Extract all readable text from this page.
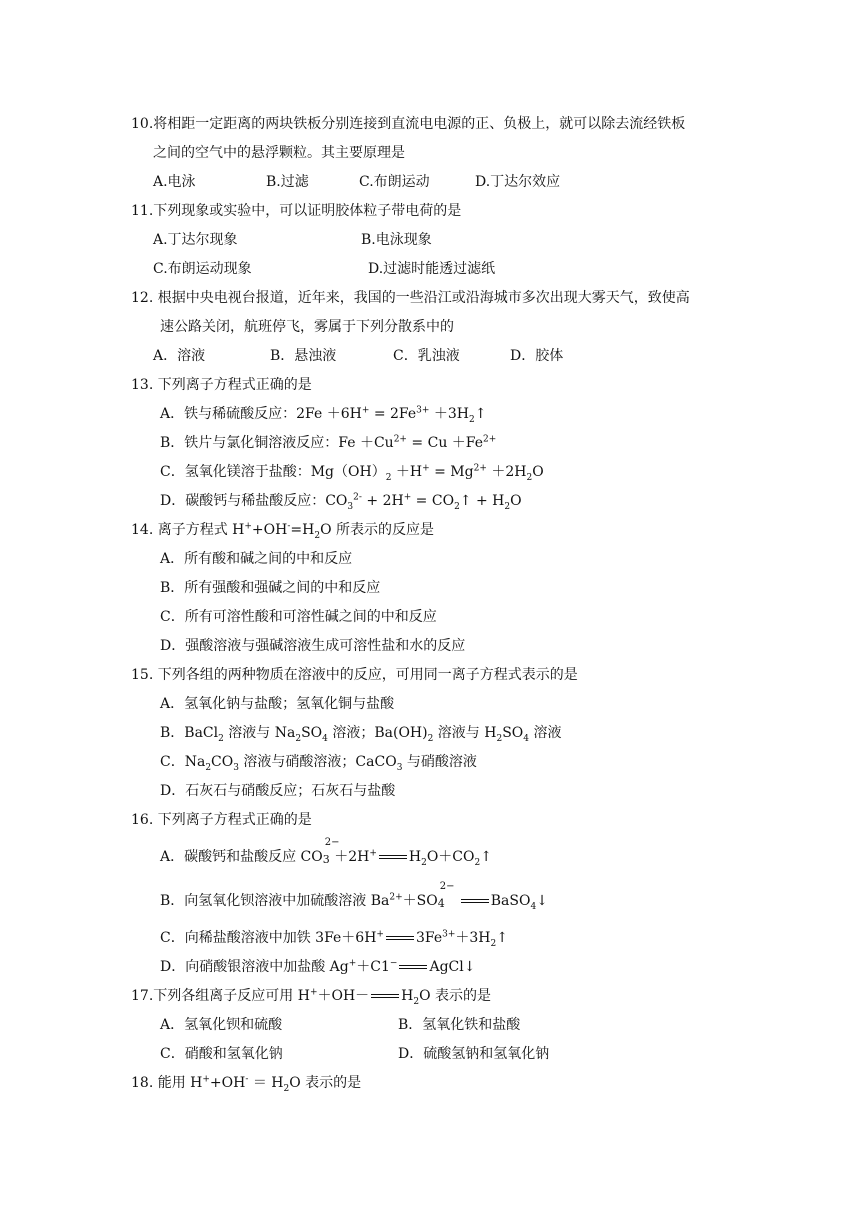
10.将相距一定距离的两块铁板分别连接到直流电电源的正、负极上，就可以除去流经铁板
之间的空气中的悬浮颗粒。其主要原理是
A.电泳	B.过滤	C.布朗运动	D.丁达尔效应
11.下列现象或实验中，可以证明胶体粒子带电荷的是
A.丁达尔现象	B.电泳现象
C.布朗运动现象	D.过滤时能透过滤纸
12. 根据中央电视台报道，近年来，我国的一些沿江或沿海城市多次出现大雾天气，致使高
速公路关闭，航班停飞，雾属于下列分散系中的
A．溶液	B．悬浊液	C．乳浊液	D．胶体
13. 下列离子方程式正确的是
A．铁与稀硫酸反应：$2Fe +6H^+ = 2Fe^{3+}$ $+3H_2↑$
B．铁片与氯化铜溶液反应：$Fe +Cu^{2+} = Cu +Fe^{2+}$
C．氢氧化镁溶于盐酸：$Mg(OH)_2 +H^+ = Mg^{2+} +2H_2O$
D．碳酸钙与稀盐酸反应：$CO_3^{2-} + 2H^+$ = $CO_2↑ + H_2O$
14. 离子方程式 $H^++OH^-=H_2O$ 所表示的反应是
A．所有酸和碱之间的中和反应
B．所有强酸和强碱之间的中和反应
C．所有可溶性酸和可溶性碱之间的中和反应
D．强酸溶液与强碱溶液生成可溶性盐和水的反应
15. 下列各组的两种物质在溶液中的反应，可用同一离子方程式表示的是
A．氢氧化钠与盐酸；氢氧化铜与盐酸
B．BaCl$_2$ 溶液与 $Na_2SO_4$ 溶液；$Ba(OH)_2$ 溶液与 $H_2SO_4$ 溶液
C．$Na_2CO_3$ 溶液与硝酸溶液；CaCO$_3$ 与硝酸溶液
D．石灰石与硝酸反应；石灰石与盐酸
16. 下列离子方程式正确的是
A．碳酸钙和盐酸反应 CO
2−
3 ＋2H+ $H_2O+CO_2↑$
B．向氢氧化钡溶液中加硫酸溶液 $Ba^{2+}+SO$
2−
4	BaSO$_4$↓
C．向稀盐酸溶液中加铁 3Fe＋6H+ $3Fe^{3+}+3H_2↑$
D．向硝酸银溶液中加盐酸 Ag+＋C1− AgCl↓
17.下列各组离子反应可用 $H^++OH- H_2O$ 表示的是
A．氢氧化钡和硫酸	B．氢氧化铁和盐酸
C．硝酸和氢氧化钠	D．硫酸氢钠和氢氧化钠
18. 能用 $H^++OH^- = H_2O$ 表示的是
